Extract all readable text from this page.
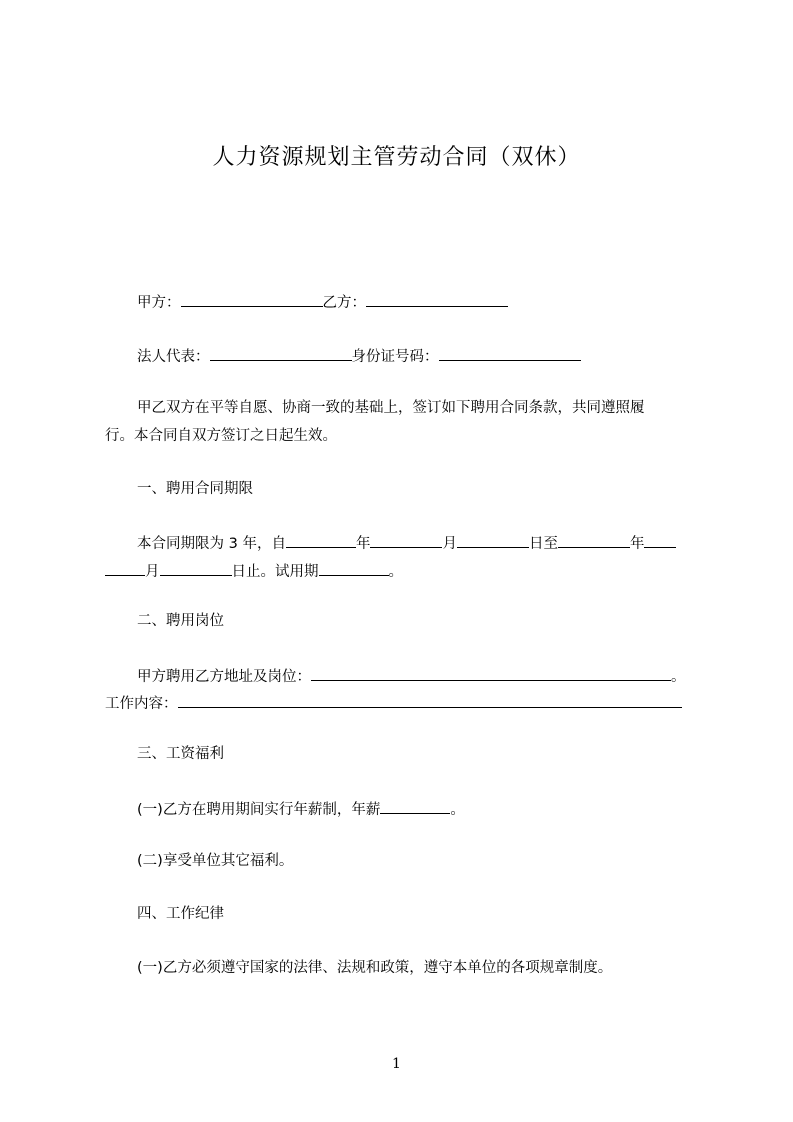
人力资源规划主管劳动合同（双休）
甲方：	乙方：
法人代表：	身份证号码：
甲乙双方在平等自愿、协商一致的基础上，签订如下聘用合同条款，共同遵照履
行。本合同自双方签订之日起生效。
一、聘用合同期限
本合同期限为 3 年，自	年	月	日至	年
月	日止。试用期	。
二、聘用岗位
甲方聘用乙方地址及岗位：	。
工作内容：
三、工资福利
(一)乙方在聘用期间实行年薪制，年薪	。
(二)享受单位其它福利。
四、工作纪律
(一)乙方必须遵守国家的法律、法规和政策，遵守本单位的各项规章制度。
1
